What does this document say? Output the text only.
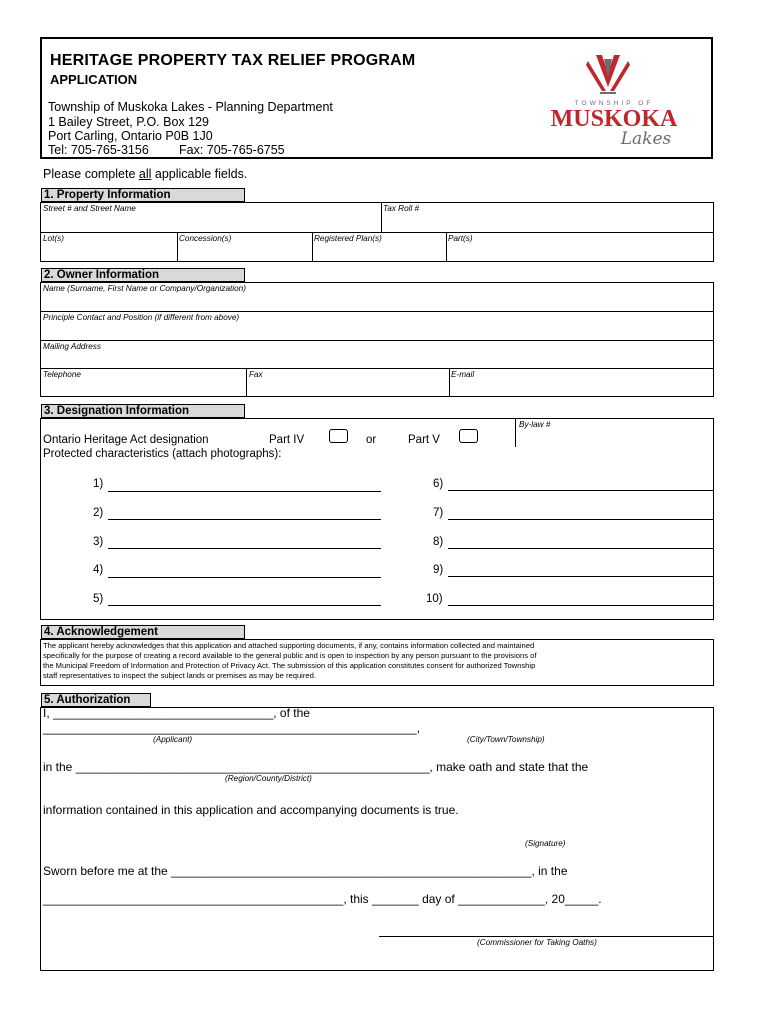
HERITAGE PROPERTY TAX RELIEF PROGRAM
APPLICATION
Township of Muskoka Lakes - Planning Department
1 Bailey Street, P.O. Box 129
Port Carling, Ontario P0B 1J0
Tel: 705-765-3156 Fax: 705-765-6755
TOWNSHIP OF
MUSKOKA
Lakes
Please complete all applicable fields.
1. Property Information
Street # and Street Name	Tax Roll #
Lot(s)	Concession(s)	Registered Plan(s)	Part(s)
2. Owner Information
Name (Surname, First Name or Company/Organization)
Principle Contact and Position (if different from above)
Mailing Address
Telephone	Fax	E-mail
3. Designation Information
By-law #
Ontario Heritage Act designation	Part IV	or	Part V
Protected characteristics (attach photographs):
1)
2)
3)
4)
5)
6)
7)
8)
9)
10)
4. Acknowledgement
The applicant hereby acknowledges that this application and attached supporting documents, if any, contains information collected and maintained
specifically for the purpose of creating a record available to the general public and is open to inspection by any person pursuant to the provisions of
the Municipal Freedom of Information and Protection of Privacy Act. The submission of this application constitutes consent for authorized Township
staff representatives to inspect the subject lands or premises as may be required.
5. Authorization
I, _________________________________, of the
________________________________________________________,
(Applicant)	(City/Town/Township)
in the _____________________________________________________, make oath and state that the
(Region/County/District)
information contained in this application and accompanying documents is true.
(Signature)
Sworn before me at the ______________________________________________________, in the
_____________________________________________, this _______ day of _____________, 20_____.
(Commissioner for Taking Oaths)
